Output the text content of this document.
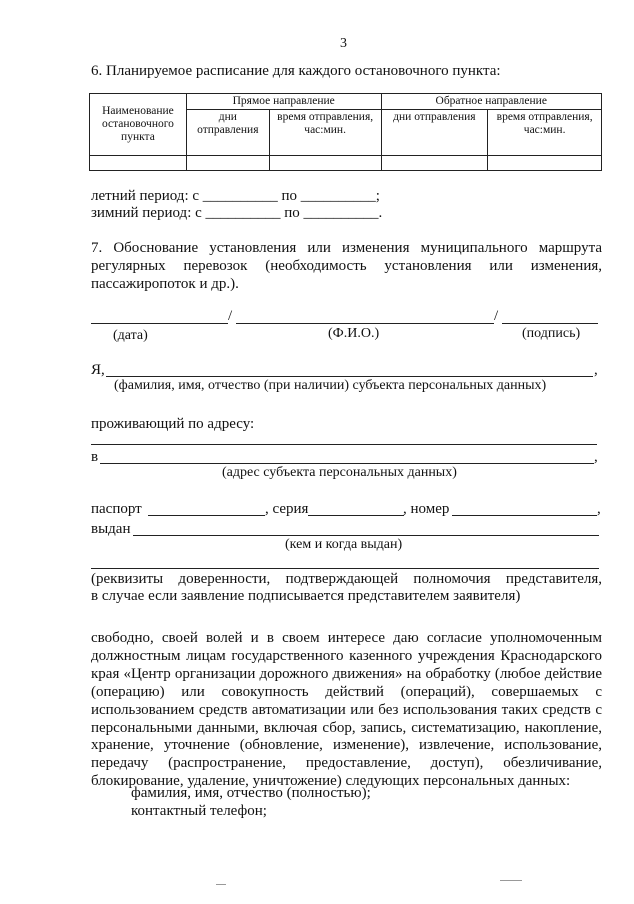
3
6. Планируемое расписание для каждого остановочного пункта:
Наименование остановочного пункта	Прямое направление		Обратное направление	
	дни отправления	время отправления, час:мин.	дни отправления	время отправления, час:мин.

летний период: с __________ по __________;
зимний период: с __________ по __________.
7. Обоснование установления или изменения муниципального маршрута
регулярных перевозок (необходимость установления или изменения,
пассажиропоток и др.).
/	/
(дата)	(Ф.И.О.)	(подпись)
Я,	,
(фамилия, имя, отчество (при наличии) субъекта персональных данных)
проживающий по адресу:
в	,
(адрес субъекта персональных данных)
паспорт	, серия	, номер	,
выдан
(кем и когда выдан)
(реквизиты доверенности, подтверждающей полномочия представителя,
в случае если заявление подписывается представителем заявителя)
свободно, своей волей и в своем интересе даю согласие уполномоченным должностным лицам государственного казенного учреждения Краснодарского края «Центр организации дорожного движения» на обработку (любое действие (операцию) или совокупность действий (операций), совершаемых с использованием средств автоматизации или без использования таких средств с персональными данными, включая сбор, запись, систематизацию, накопление, хранение, уточнение (обновление, изменение), извлечение, использование, передачу (распространение, предоставление, доступ), обезличивание, блокирование, удаление, уничтожение) следующих персональных данных:
фамилия, имя, отчество (полностью);
контактный телефон;
